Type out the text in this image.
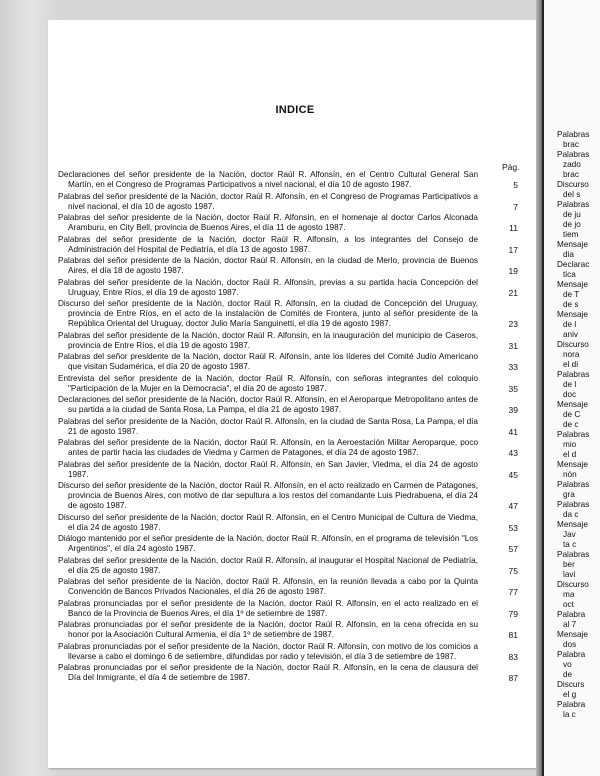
Palabras
brac
Palabras
zado
brac
Discurso
del s
Palabras
de ju
de jo
tiem
Mensaje
dia
Declarac
tica
Mensaje
de T
de s
Mensaje
de l
aniv
Discurso
nora
el di
Palabras
de l
doc
Mensaje
de C
de c
Palabras
mio
el d
Mensaje
nón
Palabras
gra
Palabras
da c
Mensaje
Jav
ta c
Palabras
ber
lavi
Discurso
ma
oct
Palabra
al 7
Mensaje
dos
Palabra
vo
de
Discurs
el g
Palabra
la c
INDICE
Pág.
Declaraciones del señor presidente de la Nación, doctor Raúl R. Alfonsín, en el Centro Cultural General San Martín, en el Congreso de Programas Participativos a nivel nacional, el día 10 de agosto 1987.	5
Palabras del señor presidente de la Nación, doctor Raúl R. Alfonsín, en el Congreso de Programas Participativos a nivel nacional, el día 10 de agosto 1987.	7
Palabras del señor presidente de la Nación, doctor Raúl R. Alfonsín, en el homenaje al doctor Carlos Alconada Aramburu, en City Bell, provincia de Buenos Aires, el día 11 de agosto 1987.	11
Palabras del señor presidente de la Nación, doctor Raúl R. Alfonsín, a los integrantes del Consejo de Administración del Hospital de Pediatría, el día 13 de agosto 1987.	17
Palabras del señor presidente de la Nación, doctor Raúl R. Alfonsín, en la ciudad de Merlo, provincia de Buenos Aires, el día 18 de agosto 1987.	19
Palabras del señor presidente de la Nación, doctor Raúl R. Alfonsín, previas a su partida hacia Concepción del Uruguay, Entre Ríos, el día 19 de agosto 1987.	21
Discurso del señor presidente de la Nación, doctor Raúl R. Alfonsín, en la ciudad de Concepción del Uruguay, provincia de Entre Ríos, en el acto de la instalación de Comités de Frontera, junto al señor presidente de la República Oriental del Uruguay, doctor Julio María Sanguinetti, el día 19 de agosto 1987.	23
Palabras del señor presidente de la Nación, doctor Raúl R. Alfonsín, en la inauguración del municipio de Caseros, provincia de Entre Ríos, el día 19 de agosto 1987.	31
Palabras del señor presidente de la Nación, doctor Raúl R. Alfonsín, ante los líderes del Comité Judío Americano que visitan Sudamérica, el día 20 de agosto 1987.	33
Entrevista del señor presidente de la Nación, doctor Raúl R. Alfonsín, con señoras integrantes del coloquio "Participación de la Mujer en la Democracia", el día 20 de agosto 1987.	35
Declaraciones del señor presidente de la Nación, doctor Raúl R. Alfonsín, en el Aeroparque Metropolitano antes de su partida a la ciudad de Santa Rosa, La Pampa, el día 21 de agosto 1987.	39
Palabras del señor presidente de la Nación, doctor Raúl R. Alfonsín, en la ciudad de Santa Rosa, La Pampa, el día 21 de agosto 1987.	41
Palabras del señor presidente de la Nación, doctor Raúl R. Alfonsín, en la Aeroestación Militar Aeroparque, poco antes de partir hacia las ciudades de Viedma y Carmen de Patagones, el día 24 de agosto 1987.	43
Palabras del señor presidente de la Nación, doctor Raúl R. Alfonsín, en San Javier, Viedma, el día 24 de agosto 1987.	45
Discurso del señor presidente de la Nación, doctor Raúl R. Alfonsín, en el acto realizado en Carmen de Patagones, provincia de Buenos Aires, con motivo de dar sepultura a los restos del comandante Luis Piedrabuena, el día 24 de agosto 1987.	47
Discurso del señor presidente de la Nación, doctor Raúl R. Alfonsín, en el Centro Municipal de Cultura de Viedma, el día 24 de agosto 1987.	53
Diálogo mantenido por el señor presidente de la Nación, doctor Raúl R. Alfonsín, en el programa de televisión "Los Argentinos", el día 24 agosto 1987.	57
Palabras del señor presidente de la Nación, doctor Raúl R. Alfonsín, al inaugurar el Hospital Nacional de Pediatría, el día 25 de agosto 1987.	75
Palabras del señor presidente de la Nación, doctor Raúl R. Alfonsín, en la reunión llevada a cabo por la Quinta Convención de Bancos Privados Nacionales, el día 26 de agosto 1987.	77
Palabras pronunciadas por el señor presidente de la Nación, doctor Raúl R. Alfonsín, en el acto realizado en el Banco de la Provincia de Buenos Aires, el día 1º de setiembre de 1987.	79
Palabras pronunciadas por el señor presidente de la Nación, doctor Raúl R. Alfonsín, en la cena ofrecida en su honor por la Asociación Cultural Armenia, el día 1º de setiembre de 1987.	81
Palabras pronunciadas por el señor presidente de la Nación, doctor Raúl R. Alfonsín, con motivo de los comicios a llevarse a cabo el domingo 6 de setiembre, difundidas por radio y televisión, el día 3 de setiembre de 1987.	83
Palabras pronunciadas por el señor presidente de la Nación, doctor Raúl R. Alfonsín, en la cena de clausura del Día del Inmigrante, el día 4 de setiembre de 1987.	87
